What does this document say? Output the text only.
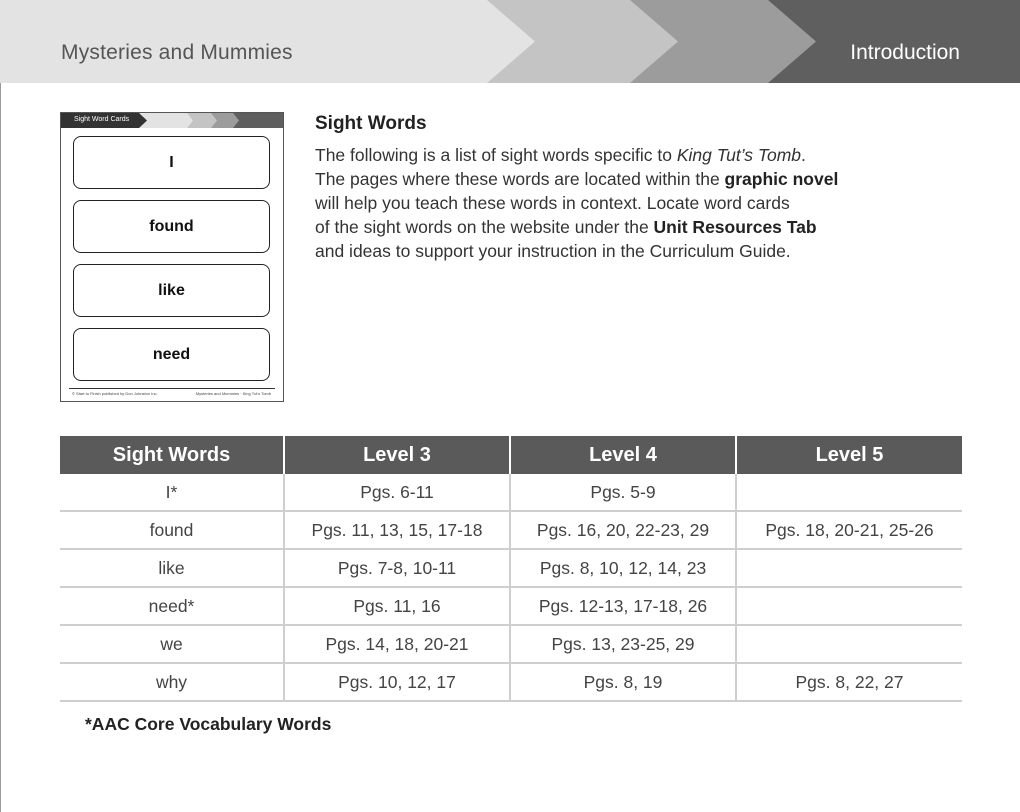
Mysteries and Mummies	Introduction
Sight Word Cards
I
found
like
need
© Start to Finish published by Don Johnston Inc.	Mysteries and Mummies · King Tut's Tomb
Sight Words
The following is a list of sight words specific to King Tut’s Tomb.
The pages where these words are located within the graphic novel
will help you teach these words in context. Locate word cards
of the sight words on the website under the Unit Resources Tab
and ideas to support your instruction in the Curriculum Guide.
Sight Words	Level 3	Level 4	Level 5
I*	Pgs. 6-11	Pgs. 5-9	
found	Pgs. 11, 13, 15, 17-18	Pgs. 16, 20, 22-23, 29	Pgs. 18, 20-21, 25-26
like	Pgs. 7-8, 10-11	Pgs. 8, 10, 12, 14, 23	
need*	Pgs. 11, 16	Pgs. 12-13, 17-18, 26	
we	Pgs. 14, 18, 20-21	Pgs. 13, 23-25, 29	
why	Pgs. 10, 12, 17	Pgs. 8, 19	Pgs. 8, 22, 27
*AAC Core Vocabulary Words
